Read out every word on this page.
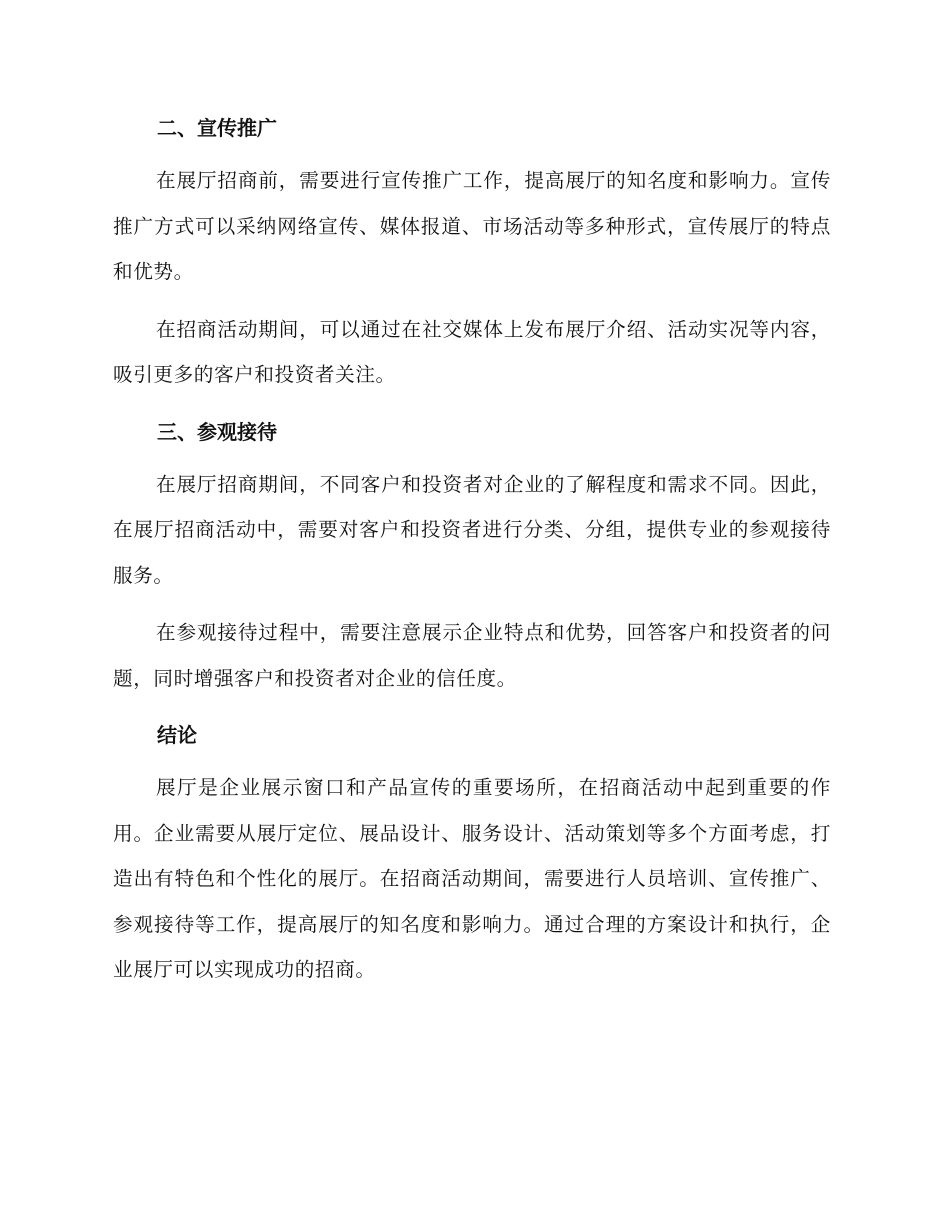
二、宣传推广

在展厅招商前，需要进行宣传推广工作，提高展厅的知名度和影响力。宣传推广方式可以采纳网络宣传、媒体报道、市场活动等多种形式，宣传展厅的特点和优势。

在招商活动期间，可以通过在社交媒体上发布展厅介绍、活动实况等内容，吸引更多的客户和投资者关注。

三、参观接待

在展厅招商期间，不同客户和投资者对企业的了解程度和需求不同。因此，在展厅招商活动中，需要对客户和投资者进行分类、分组，提供专业的参观接待服务。

在参观接待过程中，需要注意展示企业特点和优势，回答客户和投资者的问题，同时增强客户和投资者对企业的信任度。

结论

展厅是企业展示窗口和产品宣传的重要场所，在招商活动中起到重要的作用。企业需要从展厅定位、展品设计、服务设计、活动策划等多个方面考虑，打造出有特色和个性化的展厅。在招商活动期间，需要进行人员培训、宣传推广、参观接待等工作，提高展厅的知名度和影响力。通过合理的方案设计和执行，企业展厅可以实现成功的招商。
